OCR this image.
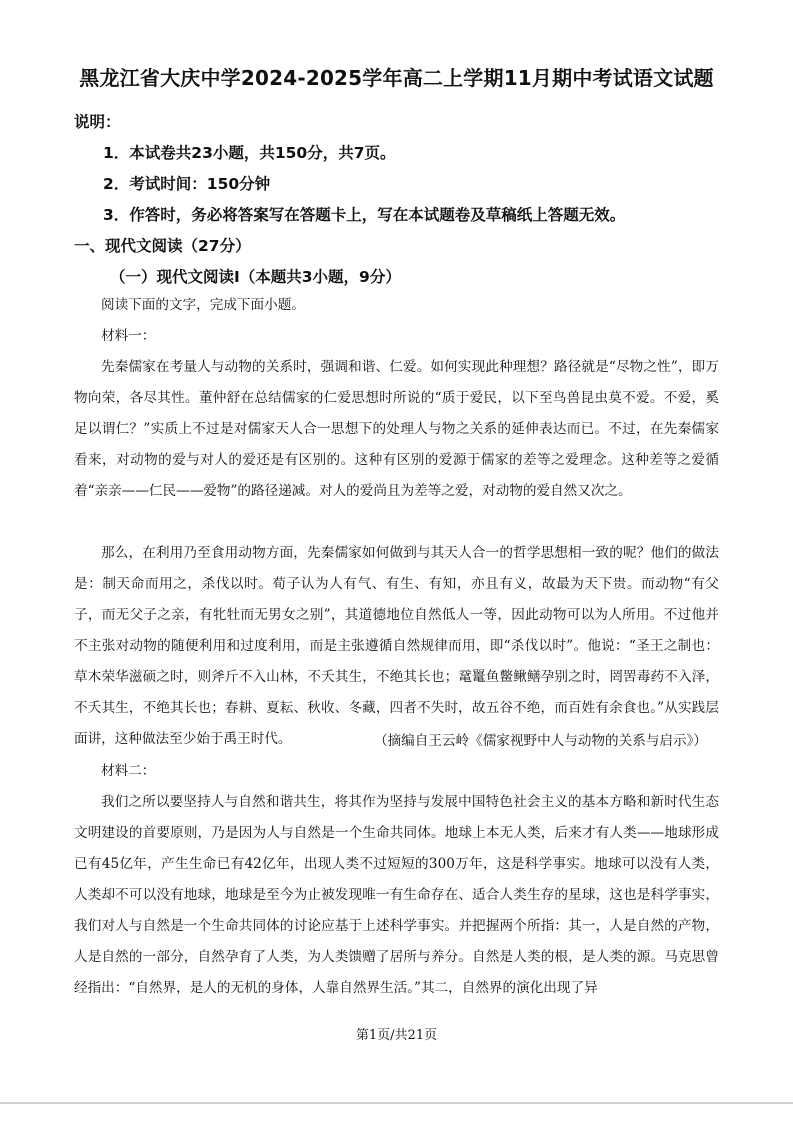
黑龙江省大庆中学2024-2025学年高二上学期11月期中考试语文试题
说明：
1．本试卷共23小题，共150分，共7页。
2．考试时间：150分钟
3．作答时，务必将答案写在答题卡上，写在本试题卷及草稿纸上答题无效。
一、现代文阅读（27分）
（一）现代文阅读Ⅰ（本题共3小题，9分）
阅读下面的文字，完成下面小题。
材料一：
先秦儒家在考量人与动物的关系时，强调和谐、仁爱。如何实现此种理想？路径就是“尽物之性”，即万物向荣，各尽其性。董仲舒在总结儒家的仁爱思想时所说的“质于爱民，以下至鸟兽昆虫莫不爱。不爱，奚足以谓仁？”实质上不过是对儒家天人合一思想下的处理人与物之关系的延伸表达而已。不过，在先秦儒家看来，对动物的爱与对人的爱还是有区别的。这种有区别的爱源于儒家的差等之爱理念。这种差等之爱循着“亲亲——仁民——爱物”的路径递减。对人的爱尚且为差等之爱，对动物的爱自然又次之。
那么，在利用乃至食用动物方面，先秦儒家如何做到与其天人合一的哲学思想相一致的呢？他们的做法是：制天命而用之，杀伐以时。荀子认为人有气、有生、有知，亦且有义，故最为天下贵。而动物“有父子，而无父子之亲，有牝牡而无男女之别”，其道德地位自然低人一等，因此动物可以为人所用。不过他并不主张对动物的随便利用和过度利用，而是主张遵循自然规律而用，即“杀伐以时”。他说：“圣王之制也：草木荣华滋硕之时，则斧斤不入山林，不夭其生，不绝其长也；鼋鼍鱼鳖鳅鳝孕别之时，罔罟毒药不入泽，不夭其生，不绝其长也；春耕、夏耘、秋收、冬藏，四者不失时，故五谷不绝，而百姓有余食也。”从实践层面讲，这种做法至少始于禹王时代。	（摘编自王云岭《儒家视野中人与动物的关系与启示》）
材料二：
我们之所以要坚持人与自然和谐共生，将其作为坚持与发展中国特色社会主义的基本方略和新时代生态文明建设的首要原则，乃是因为人与自然是一个生命共同体。地球上本无人类，后来才有人类——地球形成已有45亿年，产生生命已有42亿年，出现人类不过短短的300万年，这是科学事实。地球可以没有人类，人类却不可以没有地球，地球是至今为止被发现唯一有生命存在、适合人类生存的星球，这也是科学事实，我们对人与自然是一个生命共同体的讨论应基于上述科学事实。并把握两个所指：其一，人是自然的产物，人是自然的一部分，自然孕育了人类，为人类馈赠了居所与养分。自然是人类的根，是人类的源。马克思曾经指出：“自然界，是人的无机的身体，人靠自然界生活。”其二，自然界的演化出现了异
第1页/共21页
